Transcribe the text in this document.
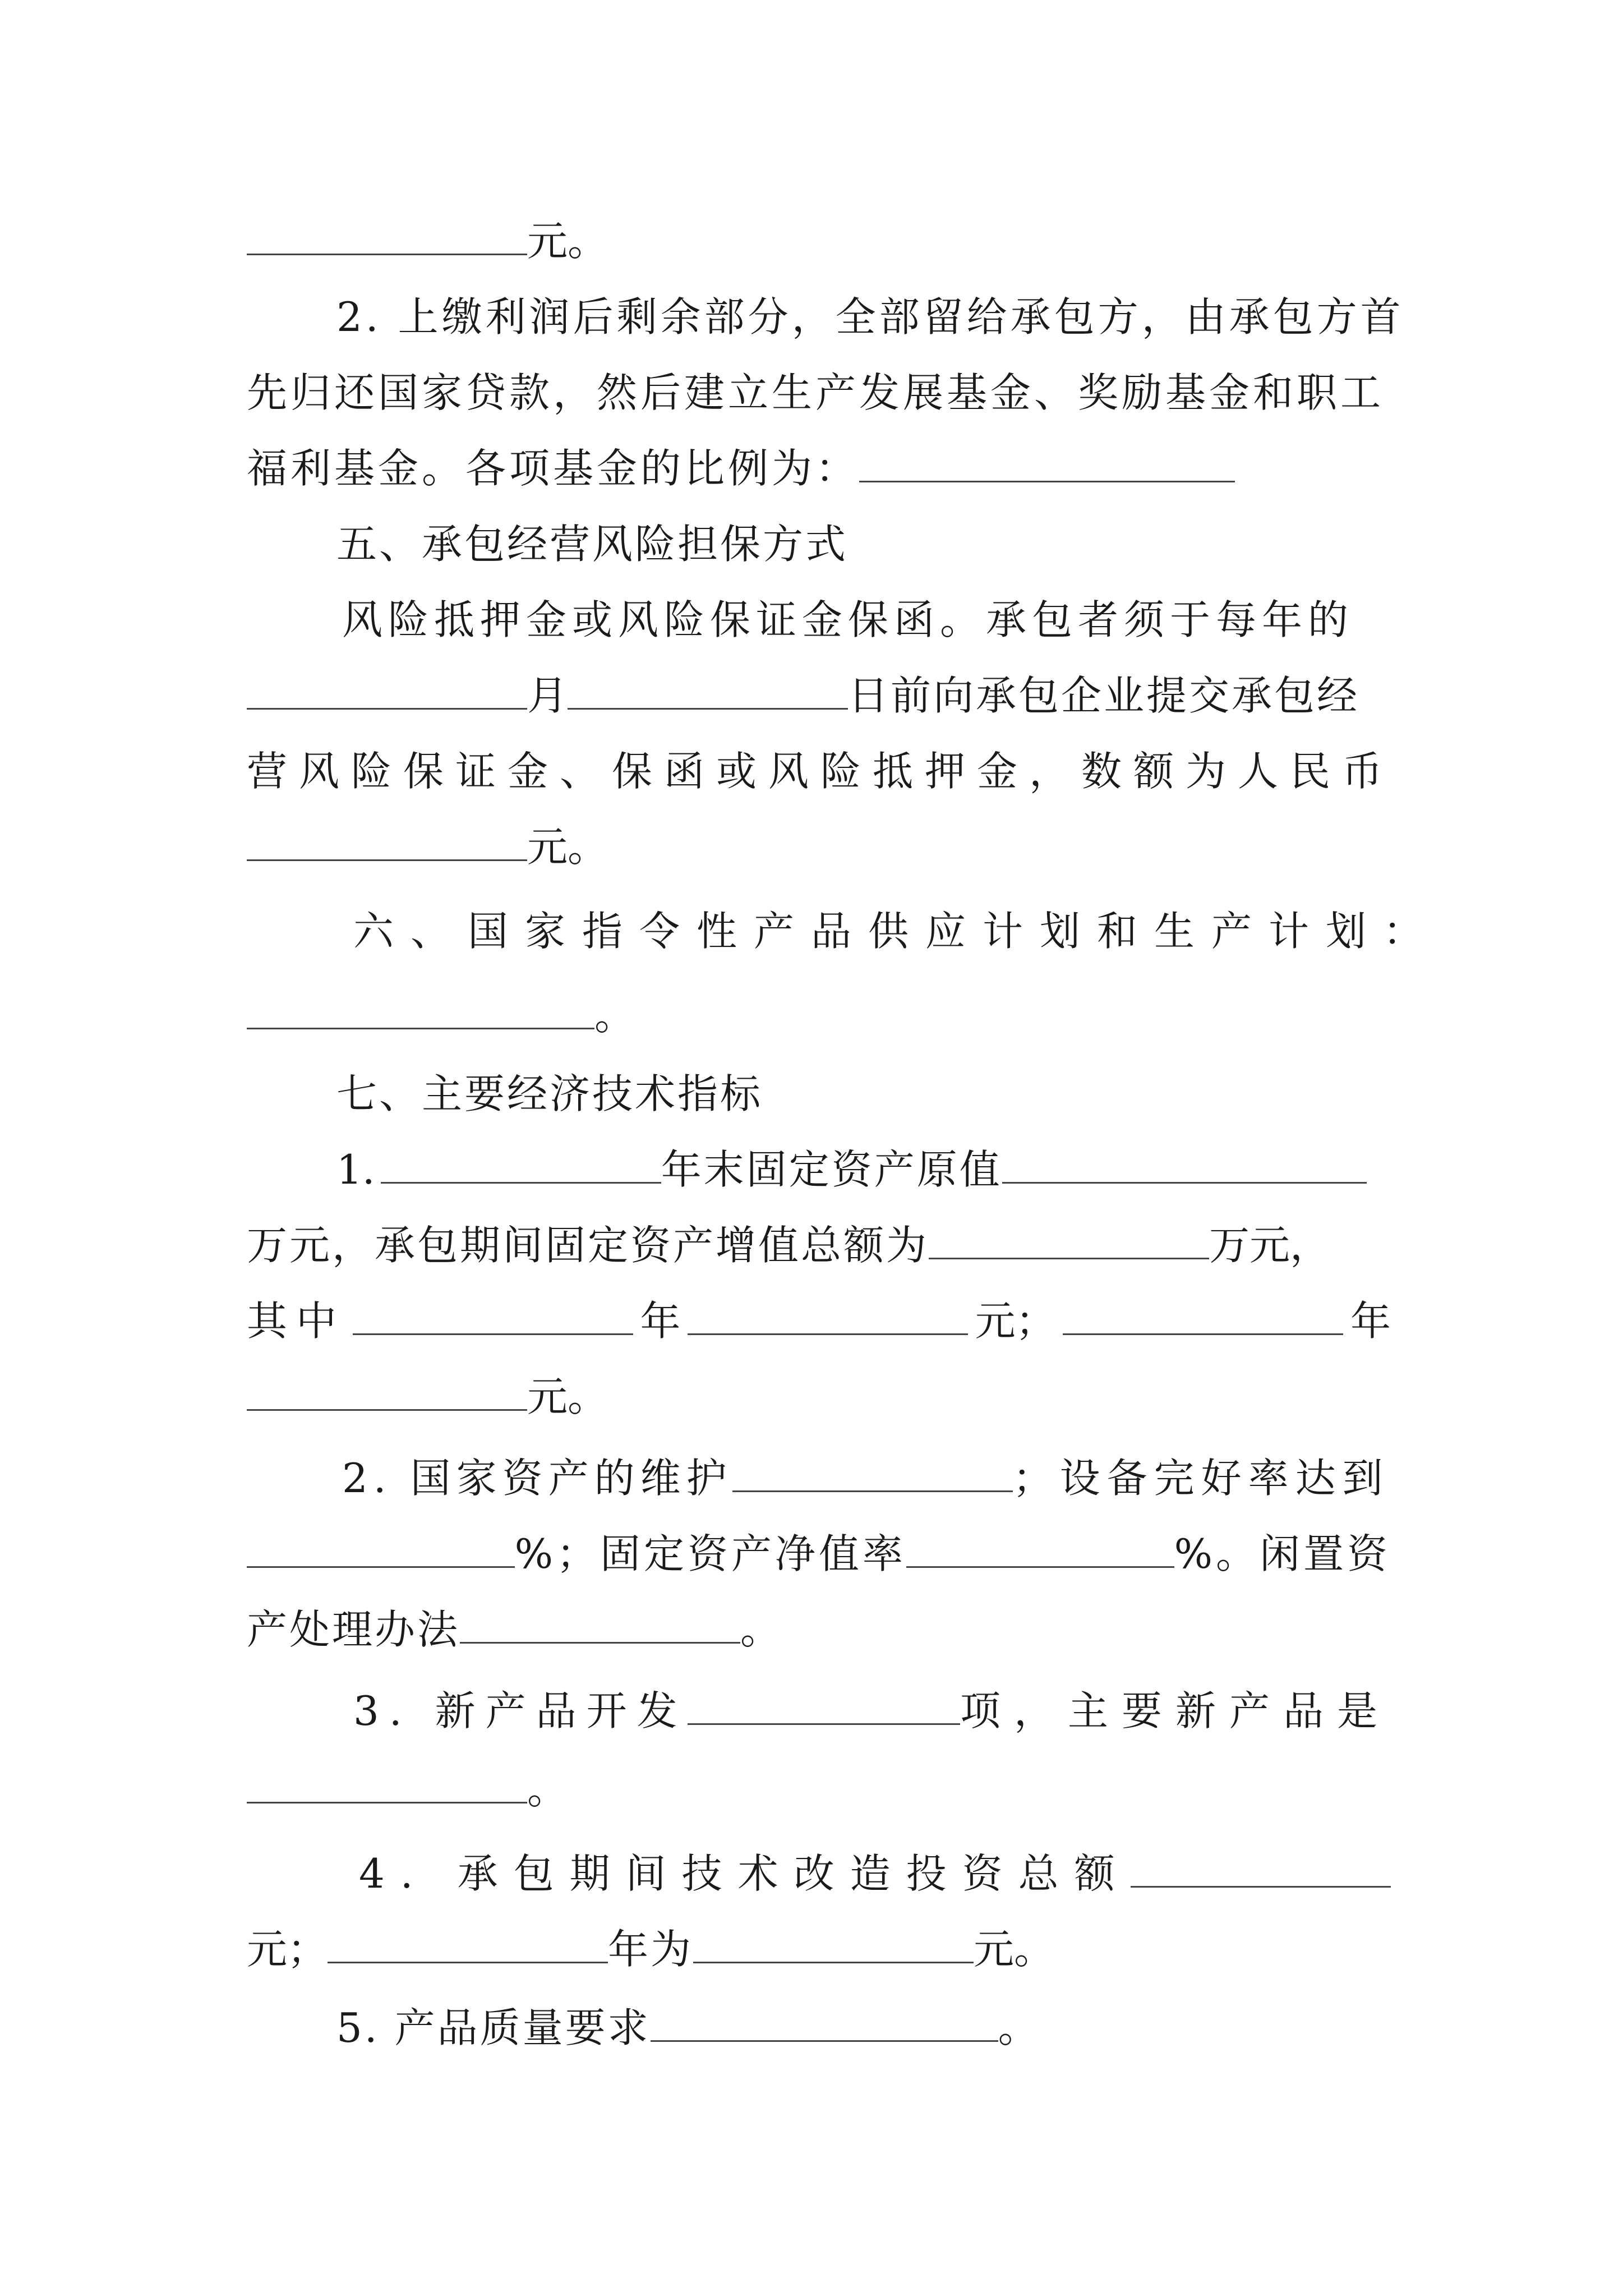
元。
2. 上缴利润后剩余部分，全部留给承包方，由承包方首
先归还国家贷款，然后建立生产发展基金、奖励基金和职工
福利基金。各项基金的比例为：
五、承包经营风险担保方式
风险抵押金或风险保证金保函。承包者须于每年的
月	日前向承包企业提交承包经
营风险保证金、保函或风险抵押金，数额为人民币
元。
六、国家指令性产品供应计划和生产计划：
。
七、主要经济技术指标
1.	年末固定资产原值
万元，承包期间固定资产增值总额为	万元，
其中	年	元；	年
元。
2. 国家资产的维护	；设备完好率达到
%；固定资产净值率	%。闲置资
产处理办法	。
3. 新产品开发	项，主要新产品是
。
4. 承包期间技术改造投资总额
元；	年为	元。
5. 产品质量要求	。
